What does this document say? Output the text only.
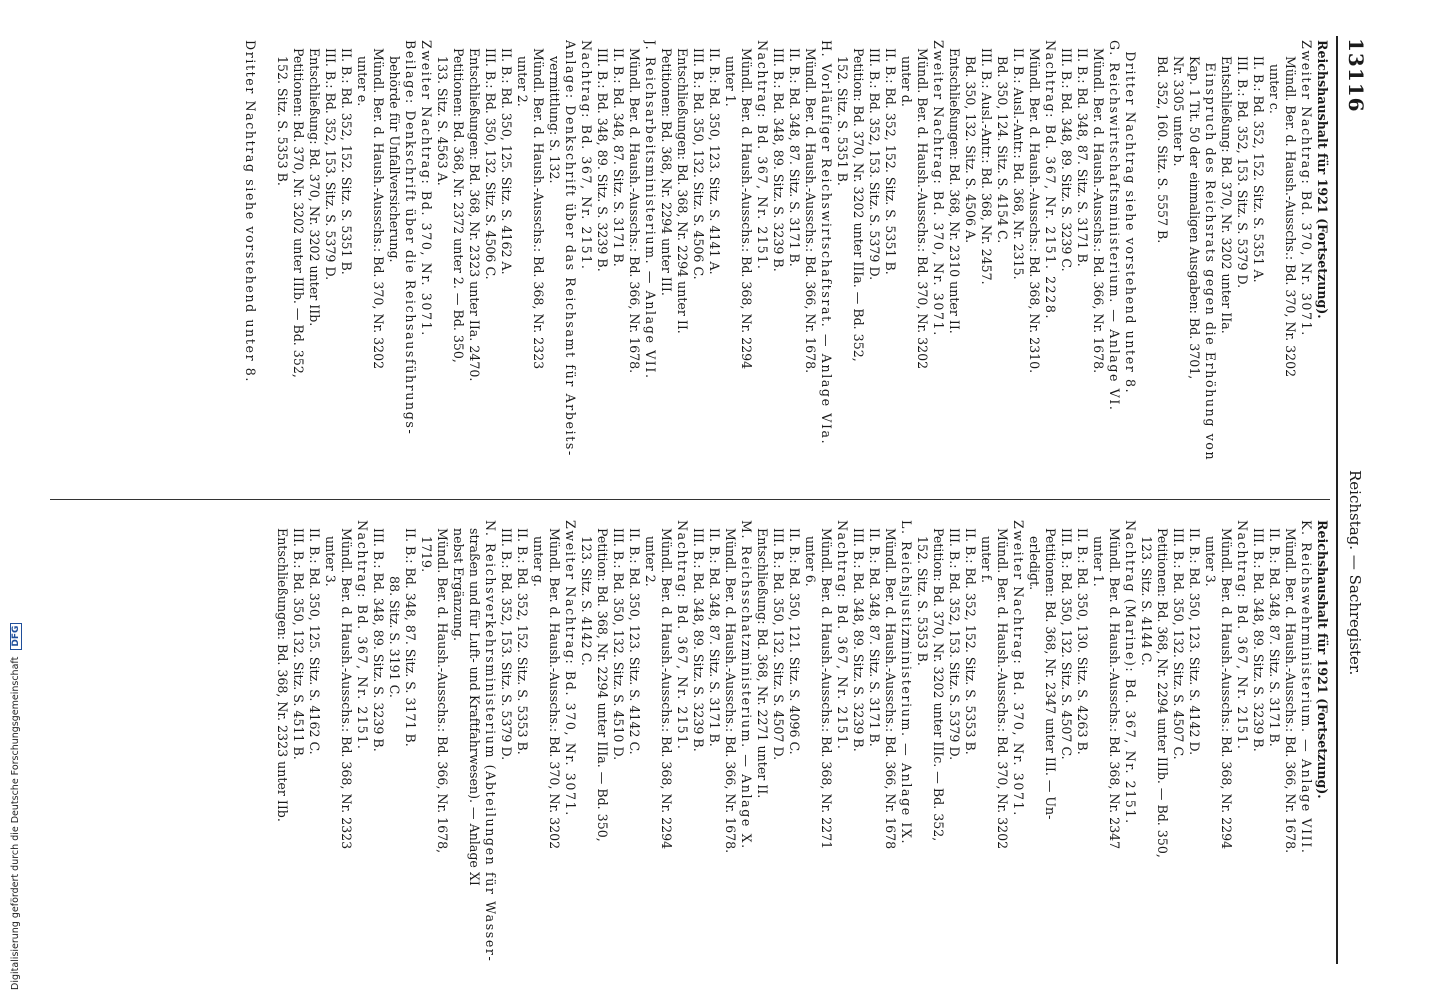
13116
Reichstag. — Sachregister.
Reichshaushalt für 1921 (Fortsetzung).
Zweiter Nachtrag: Bd. 370, Nr. 3071.
Mündl. Ber. d. Haush.-Ausschs.: Bd. 370, Nr. 3202
unter c.
II. B.: Bd. 352, 152. Sitz. S. 5351 A.
III. B.: Bd. 352, 153. Sitz. S. 5379 D.
Entschließung: Bd. 370, Nr. 3202 unter IIa.
Einspruch des Reichsrats gegen die Erhöhung von
Kap. 1 Tit. 50 der einmaligen Ausgaben: Bd. 3701,
Nr. 3305 unter b.
Bd. 352, 160. Sitz. S. 5557 B.

Dritter Nachtrag siehe vorstehend unter 8.
G. Reichswirtschaftsministerium. — Anlage VI.
Mündl. Ber. d. Haush.-Ausschs.: Bd. 366, Nr. 1678.
II. B.: Bd. 348, 87. Sitz. S. 3171 B.
III. B.: Bd. 348, 89. Sitz. S. 3239 C.
Nachtrag: Bd. 367, Nr. 2151. 2228.
Mündl. Ber. d. Haush.-Ausschs.: Bd. 368, Nr. 2310.
II. B.: Ausl.-Antr.: Bd. 368, Nr. 2315.
Bd. 350, 124. Sitz. S. 4154 C.
III. B.: Ausl.-Antr.: Bd. 368, Nr. 2457.
Bd. 350, 132. Sitz. S. 4506 A.
Entschließungen: Bd. 368, Nr. 2310 unter II.
Zweiter Nachtrag: Bd. 370, Nr. 3071.
Mündl. Ber. d. Haush.-Ausschs.: Bd. 370, Nr. 3202
unter d.
II. B.: Bd. 352, 152. Sitz. S. 5351 B.
III. B.: Bd. 352, 153. Sitz. S. 5379 D.
Petition: Bd. 370, Nr. 3202 unter IIIa. — Bd. 352,
152. Sitz. S. 5351 B.
H. Vorläufiger Reichswirtschaftsrat. — Anlage VIa.
Mündl. Ber. d. Haush.-Ausschs.: Bd. 366, Nr. 1678.
II. B.: Bd. 348, 87. Sitz. S. 3171 B.
III. B.: Bd. 348, 89. Sitz. S. 3239 B.
Nachtrag: Bd. 367, Nr. 2151.
Mündl. Ber. d. Haush.-Ausschs.: Bd. 368, Nr. 2294
unter 1.
II. B.: Bd. 350, 123. Sitz. S. 4141 A.
III. B.: Bd. 350, 132. Sitz. S. 4506 C.
Entschließungen: Bd. 368, Nr. 2294 unter II.
Petitionen: Bd. 368, Nr. 2294 unter III.
J. Reichsarbeitsministerium. — Anlage VII.
Mündl. Ber. d. Haush.-Ausschs.: Bd. 366, Nr. 1678.
II. B.: Bd. 348, 87. Sitz. S. 3171 B.
III. B.: Bd. 348, 89. Sitz. S. 3239 B.
Nachtrag: Bd. 367, Nr. 2151.
Anlage: Denkschrift über das Reichsamt für Arbeits-
vermittlung: S. 132.
Mündl. Ber. d. Haush.-Ausschs.: Bd. 368, Nr. 2323
unter 2.
II. B.: Bd. 350, 125. Sitz. S. 4162 A.
III. B.: Bd. 350, 132. Sitz. S. 4506 C.
Entschließungen: Bd. 368, Nr. 2323 unter IIa. 2470.
Petitionen: Bd. 368, Nr. 2372 unter 2. — Bd. 350,
133. Sitz. S. 4563 A.
Zweiter Nachtrag: Bd. 370, Nr. 3071.
Beilage: Denkschrift über die Reichsausführungs-
behörde für Unfallversicherung.
Mündl. Ber. d. Haush.-Ausschs.: Bd. 370, Nr. 3202
unter e.
II. B.: Bd. 352, 152. Sitz. S. 5351 B.
III. B.: Bd. 352, 153. Sitz. S. 5379 D.
Entschließung: Bd. 370, Nr. 3202 unter IIb.
Petitionen: Bd. 370, Nr. 3202 unter IIIb. — Bd. 352,
152. Sitz. S. 5353 B.

Dritter Nachtrag siehe vorstehend unter 8.
Reichshaushalt für 1921 (Fortsetzung).
K. Reichswehrministerium. — Anlage VIII.
Mündl. Ber. d. Haush.-Ausschs.: Bd. 366, Nr. 1678.
II. B.: Bd. 348, 87. Sitz. S. 3171 B.
III. B.: Bd. 348, 89. Sitz. S. 3239 B.
Nachtrag: Bd. 367, Nr. 2151.
Mündl. Ber. d. Haush.-Ausschs.: Bd. 368, Nr. 2294
unter 3.
II. B.: Bd. 350, 123. Sitz. S. 4142 D.
III. B.: Bd. 350, 132. Sitz. S. 4507 C.
Petitionen: Bd. 368, Nr. 2294 unter IIIb. — Bd. 350,
123. Sitz. S. 4144 C.
Nachtrag (Marine): Bd. 367, Nr. 2151.
Mündl. Ber. d. Haush.-Ausschs.: Bd. 368, Nr. 2347
unter 1.
II. B.: Bd. 350, 130. Sitz. S. 4263 B.
III. B.: Bd. 350, 132. Sitz. S. 4507 C.
Petitionen: Bd. 368, Nr. 2347 unter III. — Un-
erledigt.
Zweiter Nachtrag: Bd. 370, Nr. 3071.
Mündl. Ber. d. Haush.-Ausschs.: Bd. 370, Nr. 3202
unter f.
II. B.: Bd. 352, 152. Sitz. S. 5353 B.
III. B.: Bd. 352, 153. Sitz. S. 5379 D.
Petition: Bd. 370, Nr. 3202 unter IIIc. — Bd. 352,
152. Sitz. S. 5353 B.
L. Reichsjustizministerium. — Anlage IX.
Mündl. Ber. d. Haush.-Ausschs.: Bd. 366, Nr. 1678
II. B.: Bd. 348, 87. Sitz. S. 3171 B.
III. B.: Bd. 348, 89. Sitz. S. 3239 B.
Nachtrag: Bd. 367, Nr. 2151.
Mündl. Ber. d. Haush.-Ausschs.: Bd. 368, Nr. 2271
unter 6.
II. B.: Bd. 350, 121. Sitz. S. 4096 C.
III. B.: Bd. 350, 132. Sitz. S. 4507 D.
Entschließung: Bd. 368, Nr. 2271 unter II.
M. Reichsschatzministerium. — Anlage X.
Mündl. Ber. d. Haush.-Ausschs.: Bd. 366, Nr. 1678.
II. B.: Bd. 348, 87. Sitz. S. 3171 B.
III. B.: Bd. 348, 89. Sitz. S. 3239 B.
Nachtrag: Bd. 367, Nr. 2151.
Mündl. Ber. d. Haush.-Ausschs.: Bd. 368, Nr. 2294
unter 2.
II. B.: Bd. 350, 123. Sitz. S. 4142 C.
III. B.: Bd. 350, 132. Sitz. S. 4510 D.
Petition: Bd. 368, Nr. 2294 unter IIIa. — Bd. 350,
123. Sitz. S. 4142 C.
Zweiter Nachtrag: Bd. 370, Nr. 3071.
Mündl. Ber. d. Haush.-Ausschs.: Bd. 370, Nr. 3202
unter g.
II. B.: Bd. 352, 152. Sitz. S. 5353 B.
III. B.: Bd. 352, 153. Sitz. S. 5379 D.
N. Reichsverkehrsministerium (Abteilungen für Wasser-
straßen und für Luft- und Kraftfahrwesen). — Anlage XI
nebst Ergänzung.
Mündl. Ber. d. Haush.-Ausschs.: Bd. 366, Nr. 1678,
1719.
II. B.: Bd. 348, 87. Sitz. S. 3171 B.
88. Sitz. S. 3191 C.
III. B.: Bd. 348, 89. Sitz. S. 3239 B.
Nachtrag: Bd. 367, Nr. 2151.
Mündl. Ber. d. Haush.-Ausschs.: Bd. 368, Nr. 2323
unter 3.
II. B.: Bd. 350, 125. Sitz. S. 4162 C.
III. B.: Bd. 350, 132. Sitz. S. 4511 B.
Entschließungen: Bd. 368, Nr. 2323 unter IIb.
Digitalisierung gefördert durch die Deutsche Forschungsgemeinschaft DFG
